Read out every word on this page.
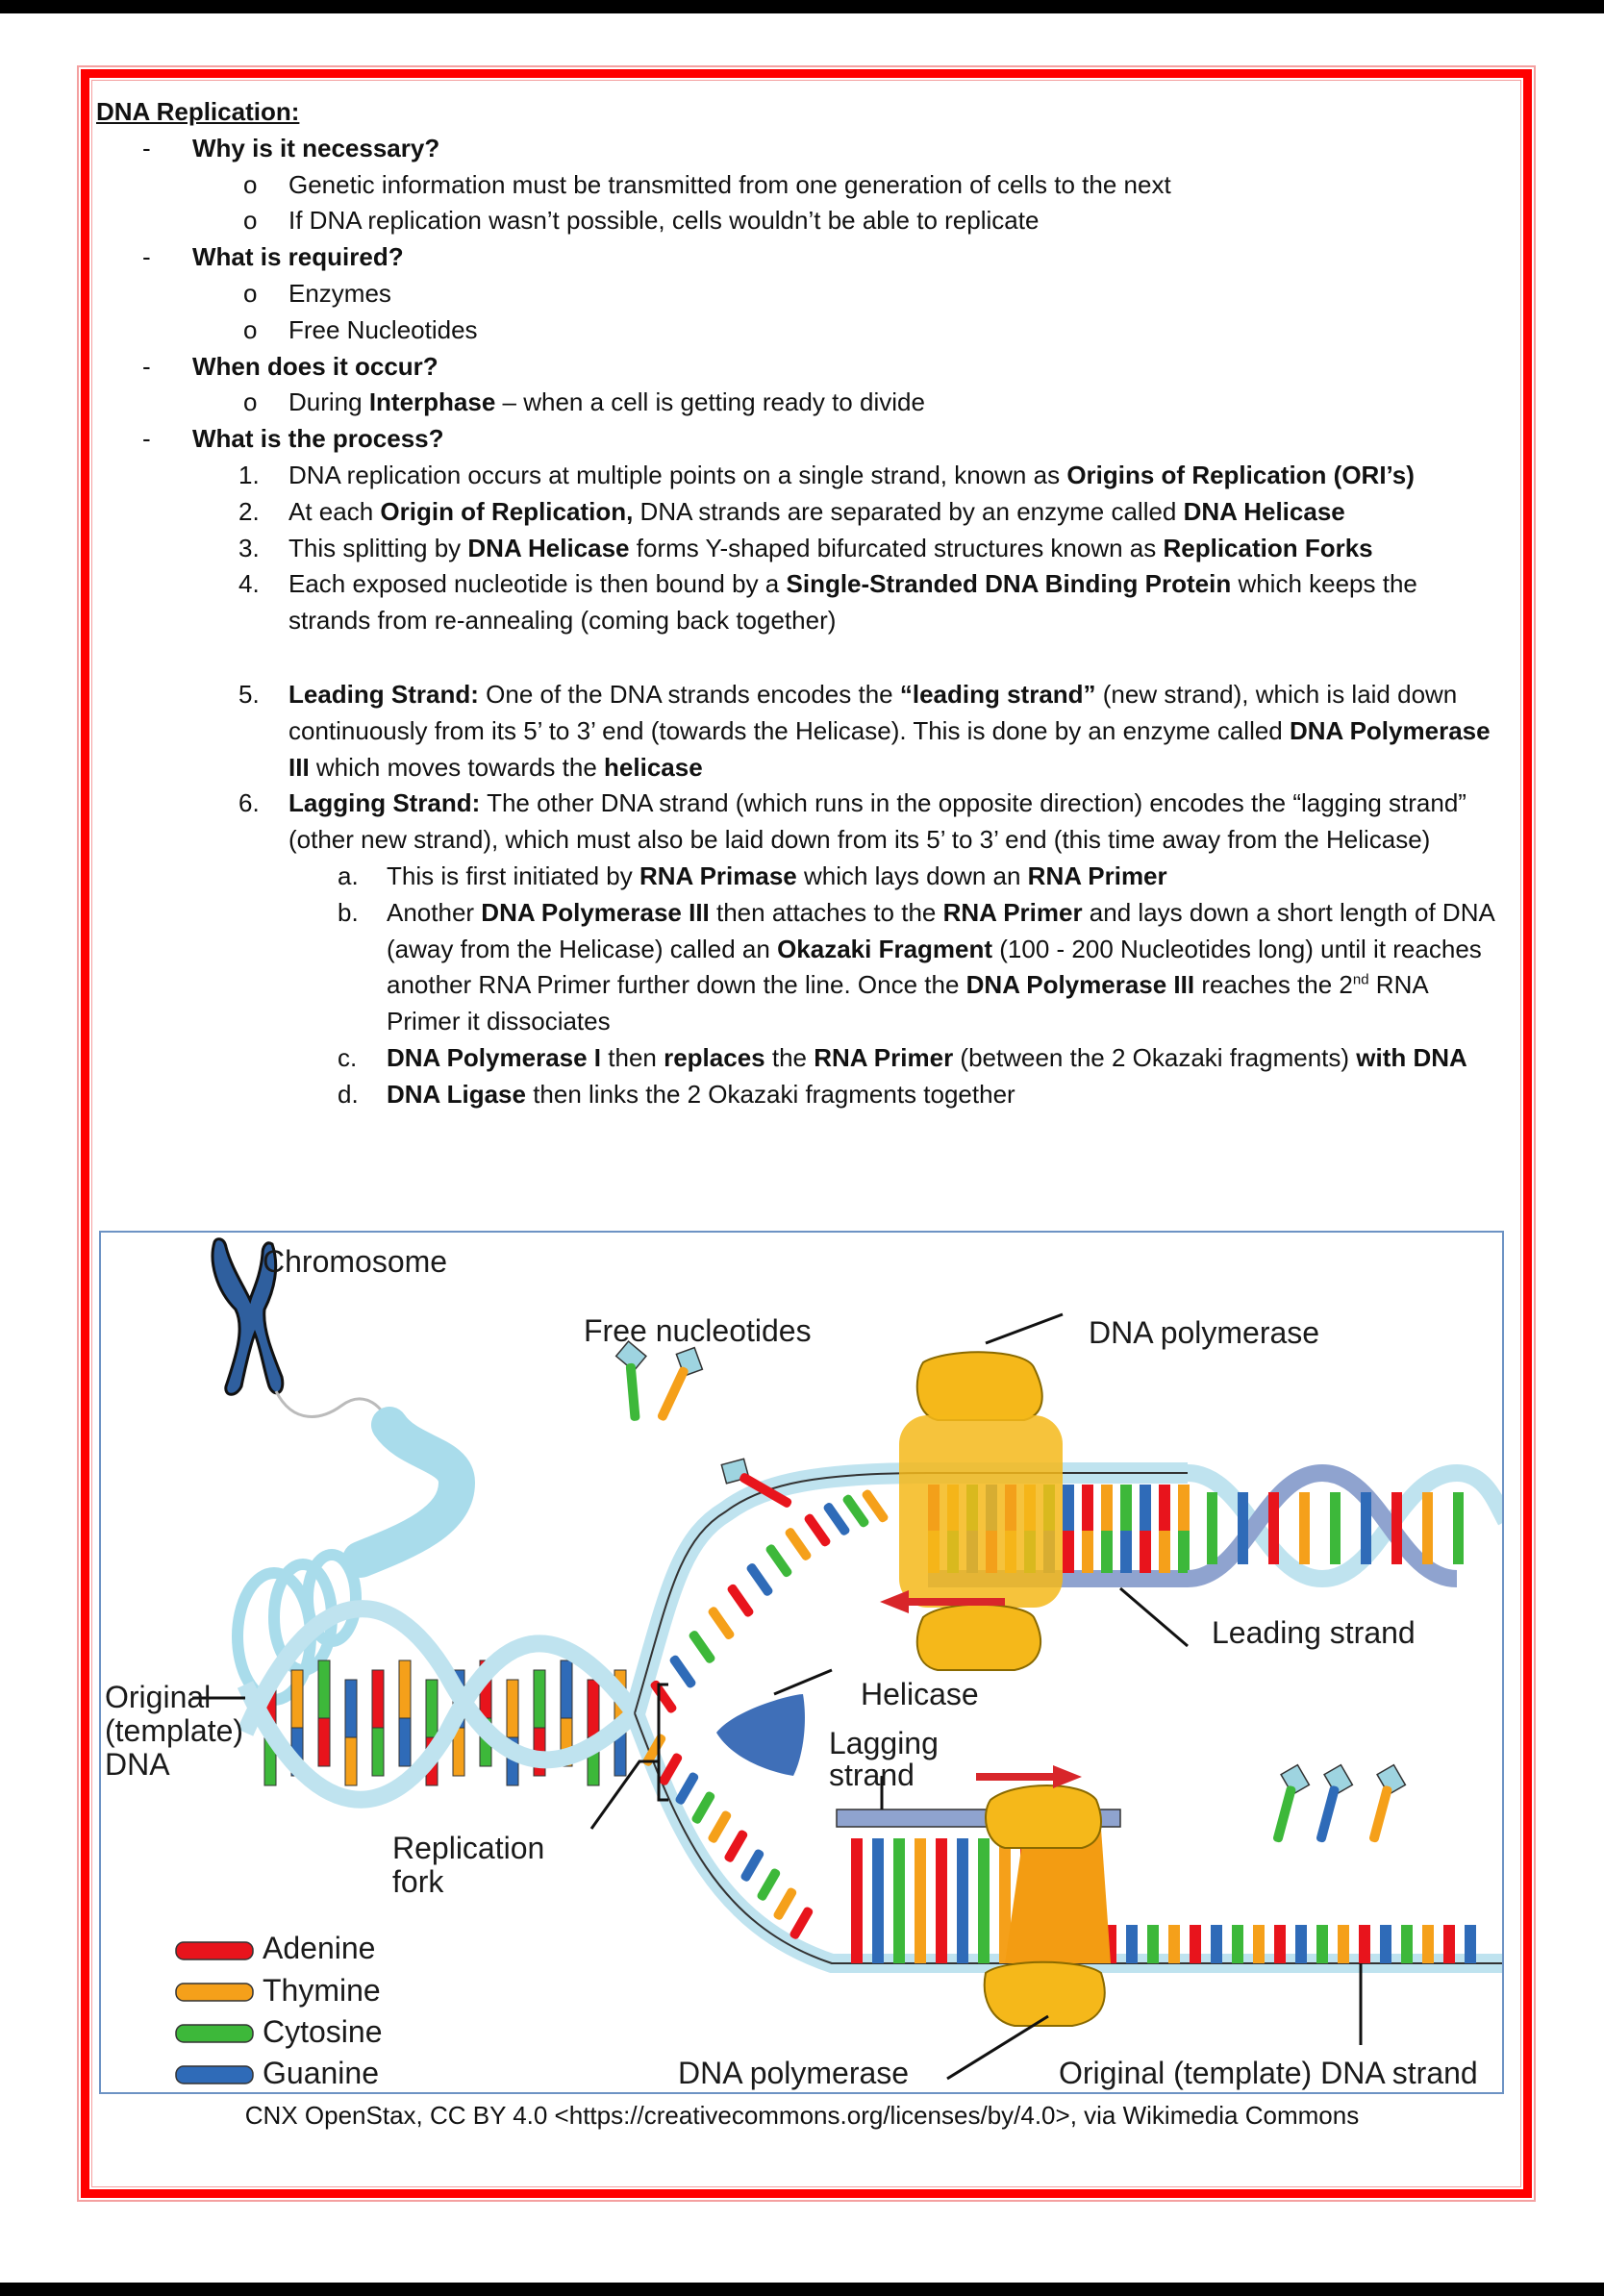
DNA Replication:
-	Why is it necessary?
o	Genetic information must be transmitted from one generation of cells to the next
o	If DNA replication wasn’t possible, cells wouldn’t be able to replicate
-	What is required?
o	Enzymes
o	Free Nucleotides
-	When does it occur?
o	During Interphase – when a cell is getting ready to divide
-	What is the process?
1.	DNA replication occurs at multiple points on a single strand, known as Origins of Replication (ORI’s)
2.	At each Origin of Replication, DNA strands are separated by an enzyme called DNA Helicase
3.	This splitting by DNA Helicase forms Y-shaped bifurcated structures known as Replication Forks
4.	Each exposed nucleotide is then bound by a Single-Stranded DNA Binding Protein which keeps the strands from re-annealing (coming back together)
5.	Leading Strand: One of the DNA strands encodes the “leading strand” (new strand), which is laid down continuously from its 5’ to 3’ end (towards the Helicase). This is done by an enzyme called DNA Polymerase III which moves towards the helicase
6.	Lagging Strand: The other DNA strand (which runs in the opposite direction) encodes the “lagging strand” (other new strand), which must also be laid down from its 5’ to 3’ end (this time away from the Helicase)
a.	This is first initiated by RNA Primase which lays down an RNA Primer
b.	Another DNA Polymerase III then attaches to the RNA Primer and lays down a short length of DNA (away from the Helicase) called an Okazaki Fragment (100 - 200 Nucleotides long) until it reaches another RNA Primer further down the line. Once the DNA Polymerase III reaches the 2nd RNA Primer it dissociates
c.	DNA Polymerase I then replaces the RNA Primer (between the 2 Okazaki fragments) with DNA
d.	DNA Ligase then links the 2 Okazaki fragments together
Chromosome
Free nucleotides	DNA polymerase
Leading strand
Helicase
Lagging
strand
Original
(template)
DNA
Replication
fork
DNA polymerase	Original (template) DNA strand
Adenine
Thymine
Cytosine
Guanine
CNX OpenStax, CC BY 4.0 <https://creativecommons.org/licenses/by/4.0>, via Wikimedia Commons
